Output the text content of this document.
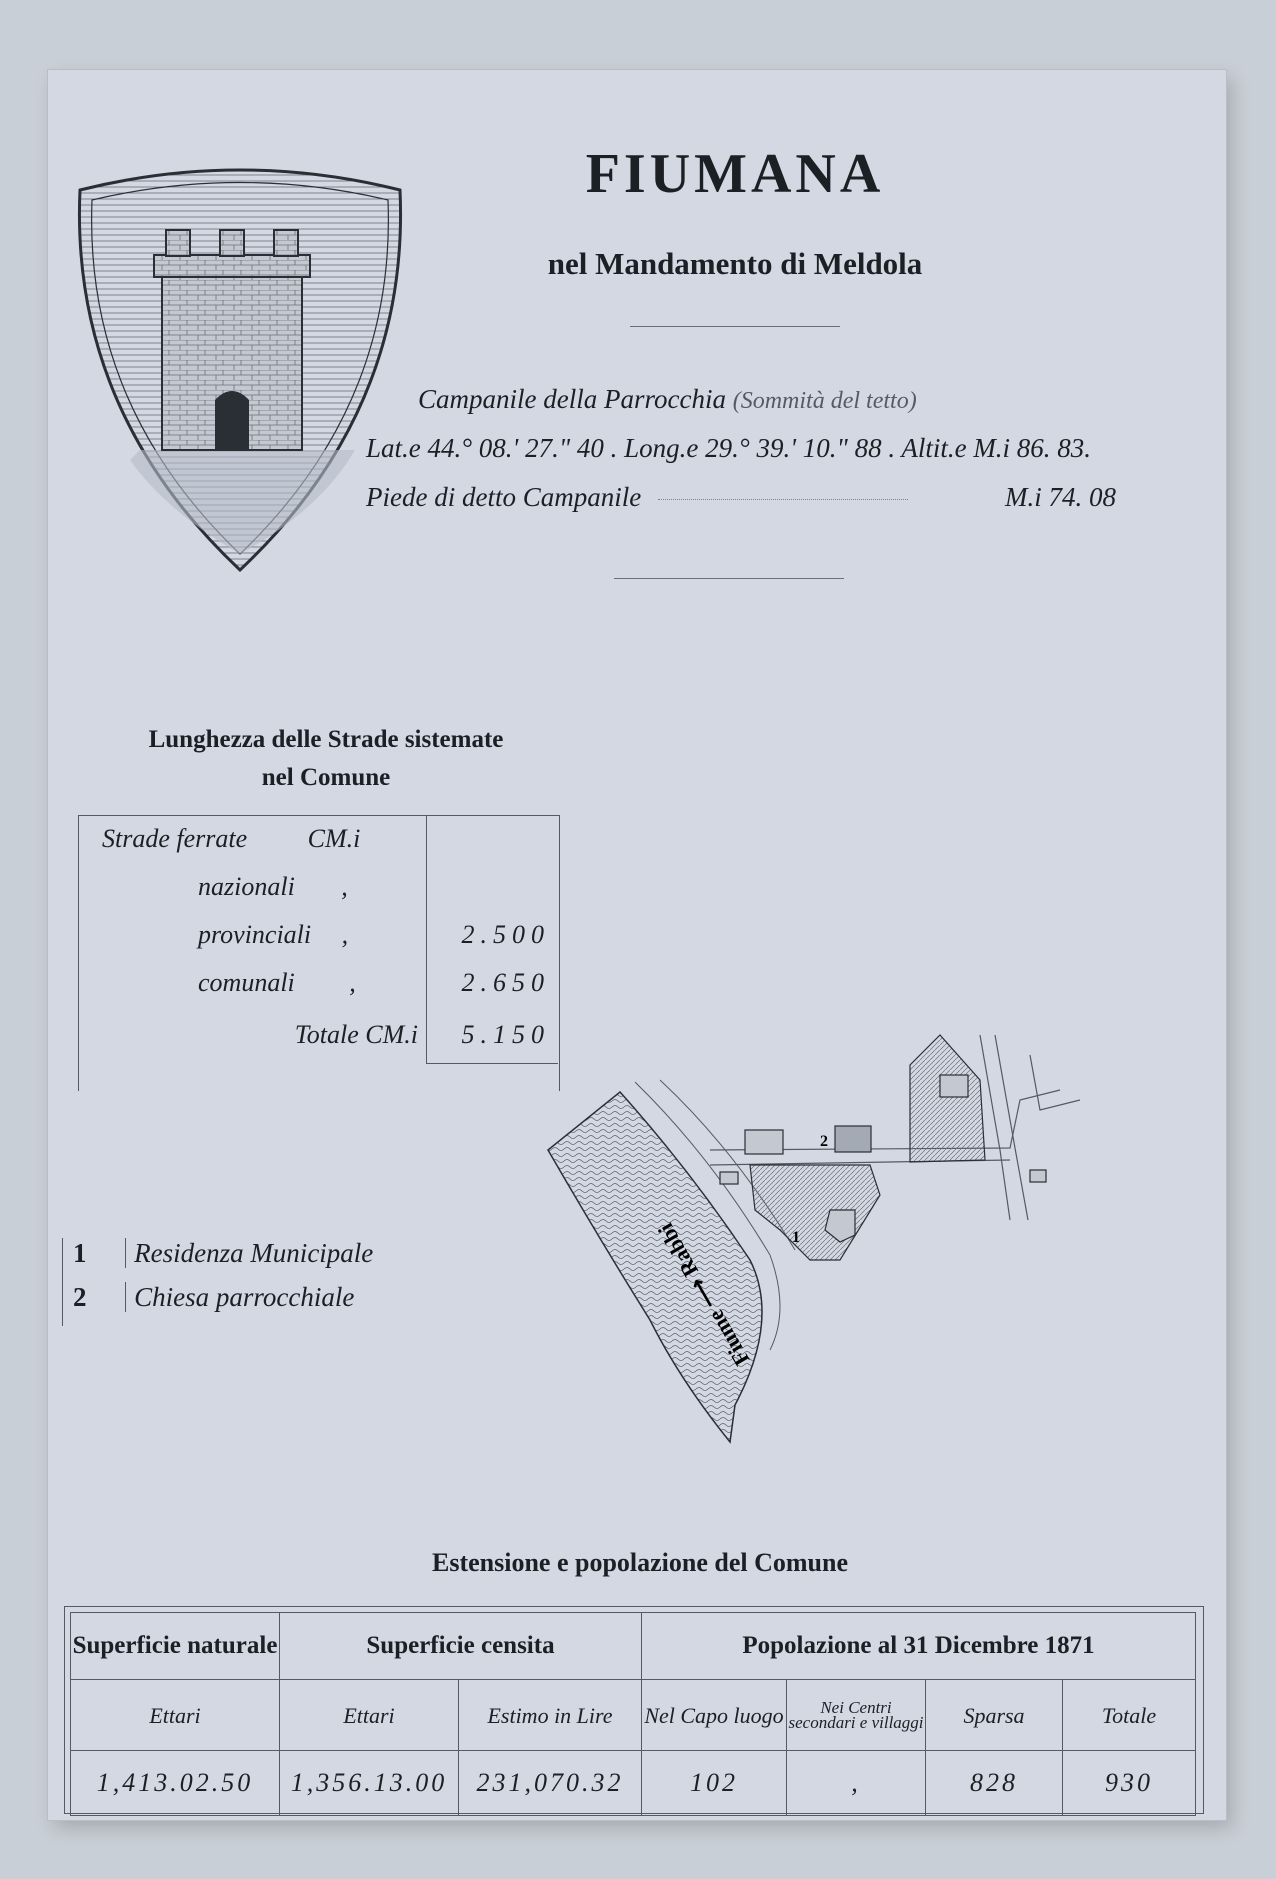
FIUMANA
nel Mandamento di Meldola
Campanile della Parrocchia (Sommità del tetto)
Lat.e 44.° 08.' 27." 40 . Long.e 29.° 39.' 10." 88 . Altit.e M.i 86. 83.
Piede di detto Campanile	M.i 74. 08
Lunghezza delle Strade sistemate
nel Comune
Strade ferrate CM.i	
nazionali ,	
provinciali ,	2.500
comunali ,	2.650
Totale CM.i	5.150
1 Residenza Municipale
2 Chiesa parrocchiale
1
2
Fiume ⟶ Rabbi
Estensione e popolazione del Comune
Superficie naturale	Superficie censita		Popolazione al 31 Dicembre 1871			
Ettari	Ettari	Estimo in Lire	Nel Capo luogo	Nei Centri secondari e villaggi	Sparsa	Totale
1,413.02.50	1,356.13.00	231,070.32	102	,	828	930
